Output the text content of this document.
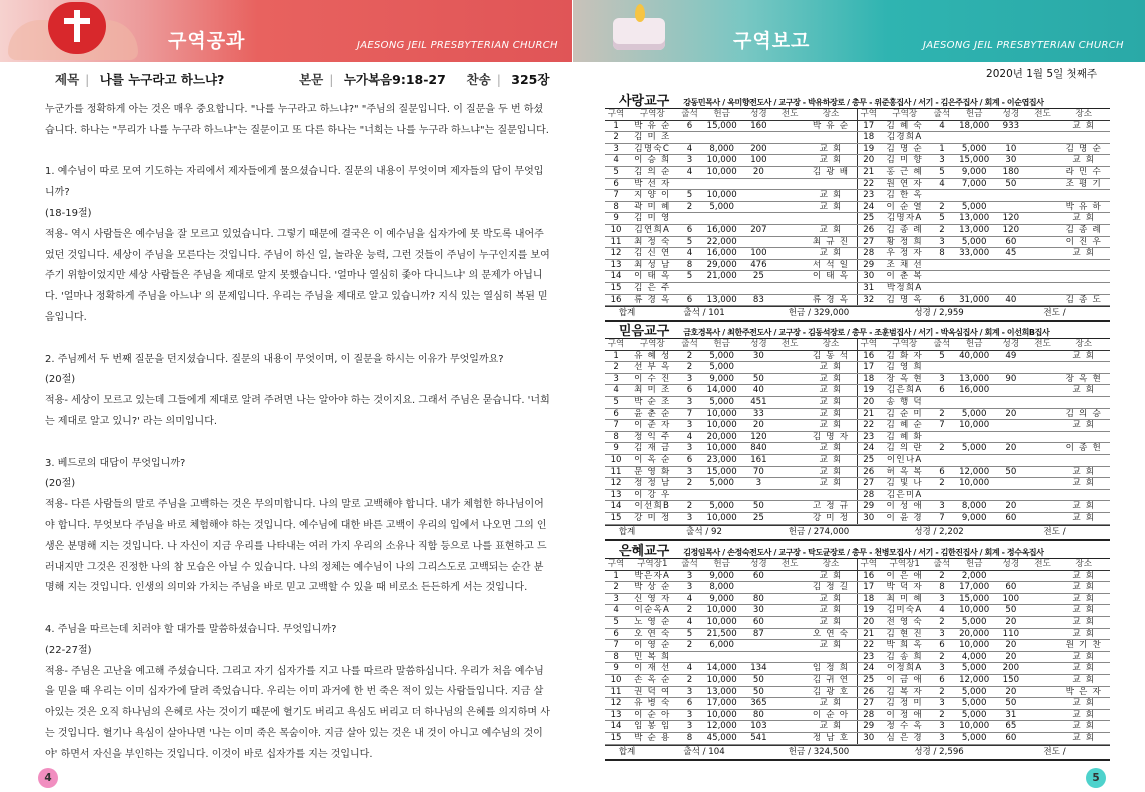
구역공과	JAESONG JEIL PRESBYTERIAN CHURCH	구역보고	JAESONG JEIL PRESBYTERIAN CHURCH
제목 | 나를 누구라고 하느냐?	본문 | 누가복음9:18-27 찬송 | 325장

누군가를 정확하게 아는 것은 매우 중요합니다. "나를 누구라고 하느냐?" "주님의 질문입니다. 이 질문을 두 번 하셨습니다. 하나는 "무리가 나를 누구라 하느냐"는 질문이고 또 다른 하나는 "너희는 나를 누구라 하느냐"는 질문입니다.

1. 예수님이 따로 모여 기도하는 자리에서 제자들에게 물으셨습니다. 질문의 내용이 무엇이며 제자들의 답이 무엇입니까?

(18-19절)

적용- 역시 사람들은 예수님을 잘 모르고 있었습니다. 그렇기 때문에 결국은 이 예수님을 십자가에 못 박도록 내어주었던 것입니다. 세상이 주님을 모른다는 것입니다. 주님이 하신 일, 놀라운 능력, 그런 것들이 주님이 누구인지를 보여주기 위함이었지만 세상 사람들은 주님을 제대로 알지 못했습니다. '얼마나 열심히 좇아 다니느냐' 의 문제가 아닙니다. '얼마나 정확하게 주님을 아느냐' 의 문제입니다. 우리는 주님을 제대로 알고 있습니까? 지식 있는 열심히 복된 믿음입니다.

2. 주님께서 두 번째 질문을 던지셨습니다. 질문의 내용이 무엇이며, 이 질문을 하시는 이유가 무엇일까요?

(20절)

적용- 세상이 모르고 있는데 그들에게 제대로 알려 주려면 나는 알아야 하는 것이지요. 그래서 주님은 묻습니다. '너희는 제대로 알고 있니?' 라는 의미입니다.

3. 베드로의 대답이 무엇입니까?

(20절)

적용- 다른 사람들의 말로 주님을 고백하는 것은 무의미합니다. 나의 말로 고백해야 합니다. 내가 체험한 하나님이어야 합니다. 무엇보다 주님을 바로 체험해야 하는 것입니다. 예수님에 대한 바른 고백이 우리의 입에서 나오면 그의 인생은 분명해 지는 것입니다. 나 자신이 지금 우리를 나타내는 여러 가지 우리의 소유나 직함 등으로 나를 표현하고 드러내지만 그것은 진정한 나의 참 모습은 아닐 수 있습니다. 나의 정체는 예수님이 나의 그리스도로 고백되는 순간 분명해 지는 것입니다. 인생의 의미와 가치는 주님을 바로 믿고 고백할 수 있을 때 비로소 든든하게 서는 것입니다.

4. 주님을 따르는데 치러야 할 대가를 말씀하셨습니다. 무엇입니까?

(22-27절)

적용- 주님은 고난을 예고해 주셨습니다. 그리고 자기 십자가를 지고 나를 따르라 말씀하십니다. 우리가 처음 예수님을 믿을 때 우리는 이미 십자가에 달려 죽었습니다. 우리는 이미 과거에 한 번 죽은 적이 있는 사람들입니다. 지금 살아있는 것은 오직 하나님의 은혜로 사는 것이기 때문에 혈기도 버리고 욕심도 버리고 더 하나님의 은혜를 의지하며 사는 것입니다. 혈기나 욕심이 살아나면 '나는 이미 죽은 목숨이야. 지금 살아 있는 것은 내 것이 아니고 예수님의 것이야' 하면서 자신을 부인하는 것입니다. 이것이 바로 십자가를 지는 것입니다.

4
2020년 1월 5일 첫째주
사랑교구 강동민목사 / 옥미향전도사 / 교구장 - 박유하장로 / 총무 - 위준홍집사 / 서기 - 김은주집사 / 회계 - 이순엽집사
구역	구역장	출석	헌금	성경	전도	장소	구역	구역장	출석	헌금	성경	전도	장소
1	박 유 순	6	15,000	160		박 유 순	17	김 혜 숙	4	18,000	933		교 회
2	김 미 조						18	김경희A					
3	김명숙C	4	8,000	200		교 회	19	김 명 순	1	5,000	10		김 명 순
4	이 승 희	3	10,000	100		교 회	20	김 미 향	3	15,000	30		교 회
5	김 의 순	4	10,000	20		김 광 배	21	홍 근 혜	5	9,000	180		라 민 수
6	박 선 자						22	원 연 자	4	7,000	50		조 평 기
7	지 양 이	5	10,000			교 회	23	김 한 옥					
8	곽 미 혜	2	5,000			교 회	24	이 순 열	2	5,000			박 유 하
9	김 미 영						25	김명자A	5	13,000	120		교 회
10	김연희A	6	16,000	207		교 회	26	김 종 례	2	13,000	120		김 종 례
11	최 정 숙	5	22,000			최 규 진	27	황 정 희	3	5,000	60		이 진 우
12	김 신 연	4	16,000	100		교 회	28	우 정 자	8	33,000	45		교 회
13	최 성 남	8	29,000	476		서 석 일	29	조 채 선					
14	이 태 옥	5	21,000	25		이 태 옥	30	이 춘 복					
15	김 은 주						31	박정희A					
16	류 경 옥	6	13,000	83		류 경 옥	32	김 명 옥	6	31,000	40		김 종 도
합계	출석 / 101	헌금 / 329,000	성경 / 2,959	전도 /
믿음교구 금호경목사 / 최한주전도사 / 교구장 - 김동석장로 / 총무 - 조훈범집사 / 서기 - 박옥심집사 / 회계 - 이선희B집사
구역	구역장	출석	헌금	성경	전도	장소	구역	구역장	출석	헌금	성경	전도	장소
1	유 혜 성	2	5,000	30		김 동 석	16	김 화 자	5	40,000	49		교 회
2	선 부 옥	2	5,000			교 회	17	김 영 희					
3	이 수 진	3	9,000	50		교 회	18	장 옥 현	3	13,000	90		장 옥 현
4	최 미 조	6	14,000	40		교 회	19	김은희A	6	16,000			교 회
5	박 순 조	3	5,000	451		교 회	20	송 행 덕					
6	윤 춘 순	7	10,000	33		교 회	21	김 순 미	2	5,000	20		김 의 승
7	이 준 자	3	10,000	20		교 회	22	김 혜 순	7	10,000			교 회
8	정 익 주	4	20,000	120		김 명 자	23	김 혜 화					
9	김 재 금	3	10,000	840		교 회	24	김 의 란	2	5,000	20		이 종 헌
10	이 옥 순	6	23,000	161		교 회	25	이인나A					
11	문 영 화	3	15,000	70		교 회	26	허 옥 복	6	12,000	50		교 회
12	정 정 남	2	5,000	3		교 회	27	김 빛 나	2	10,000			교 회
13	이 강 우						28	김은미A					
14	이선희B	2	5,000	50		고 정 규	29	이 성 애	3	8,000	20		교 회
15	강 미 정	3	10,000	25		강 미 정	30	이 윤 경	7	9,000	60		교 회
합계	출석 / 92	헌금 / 274,000	성경 / 2,202	전도 /
은혜교구 김정임목사 / 손정숙전도사 / 교구장 - 탁도균장로 / 총무 - 천병모집사 / 서기 - 김한진집사 / 회계 - 정수옥집사
구역	구역장1	출석	헌금	성경	전도	장소	구역	구역장1	출석	헌금	성경	전도	장소
1	박은자A	3	9,000	60		교 회	16	이 은 애	2	2,000			교 회
2	박 상 순	3	8,000			김 정 길	17	박 덕 자	8	17,000	60		교 회
3	신 영 자	4	9,000	80		교 회	18	최 미 혜	3	15,000	100		교 회
4	이순옥A	2	10,000	30		교 회	19	김미숙A	4	10,000	50		교 회
5	노 영 순	4	10,000	60		교 회	20	전 영 숙	2	5,000	20		교 회
6	오 연 숙	5	21,500	87		오 연 숙	21	김 현 진	3	20,000	110		교 회
7	이 영 순	2	6,000			교 회	22	박 희 옥	6	10,000	20		원 기 찬
8	민 복 희						23	김 송 희	2	4,000	20		교 회
9	이 재 선	4	14,000	134		임 정 희	24	이정희A	3	5,000	200		교 회
10	손 옥 순	2	10,000	50		김 귀 연	25	이 금 애	6	12,000	150		교 회
11	권 덕 여	3	13,000	50		김 광 호	26	김 복 자	2	5,000	20		박 은 자
12	유 병 숙	6	17,000	365		교 회	27	김 정 미	3	5,000	50		교 회
13	이 순 아	3	10,000	80		이 순 아	28	이 정 애	2	5,000	31		교 회
14	임 봉 임	3	12,000	103		교 회	29	정 수 옥	3	10,000	65		교 회
15	박 순 용	8	45,000	541		정 남 호	30	심 은 경	3	5,000	60		교 회
합계	출석 / 104	헌금 / 324,500	성경 / 2,596	전도 /
5
